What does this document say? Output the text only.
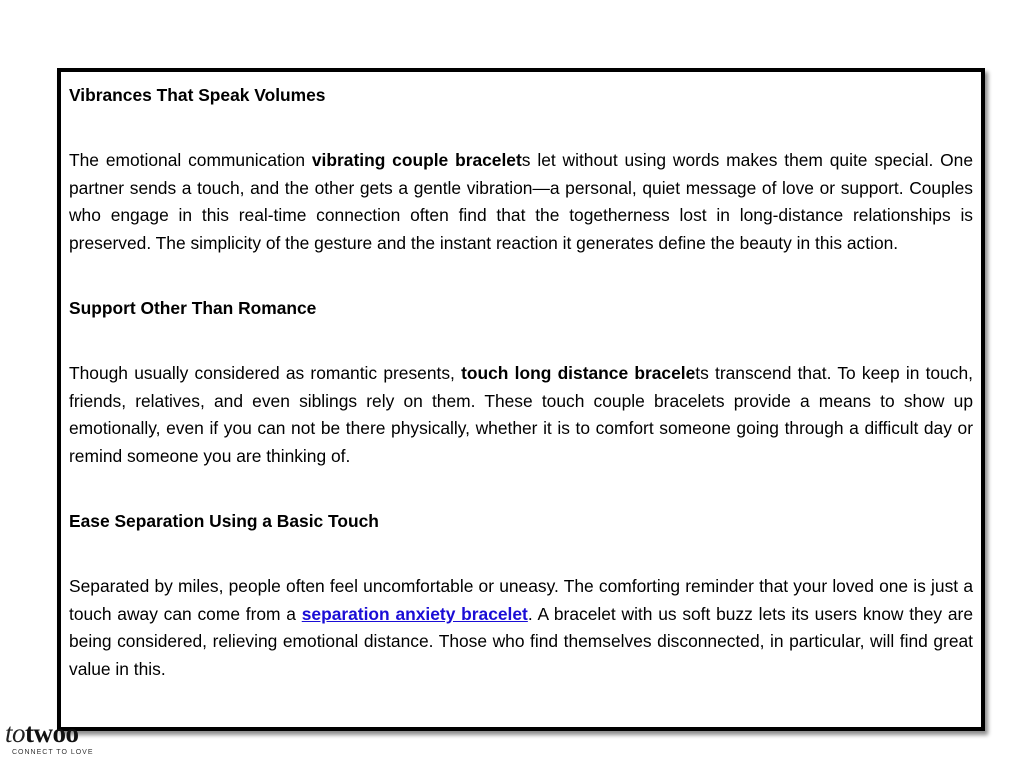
Vibrances That Speak Volumes

The emotional communication vibrating couple bracelets let without using words makes them quite special. One partner sends a touch, and the other gets a gentle vibration—a personal, quiet message of love or support. Couples who engage in this real-time connection often find that the togetherness lost in long-distance relationships is preserved. The simplicity of the gesture and the instant reaction it generates define the beauty in this action.

Support Other Than Romance

Though usually considered as romantic presents, touch long distance bracelets transcend that. To keep in touch, friends, relatives, and even siblings rely on them. These touch couple bracelets provide a means to show up emotionally, even if you can not be there physically, whether it is to comfort someone going through a difficult day or remind someone you are thinking of.

Ease Separation Using a Basic Touch

Separated by miles, people often feel uncomfortable or uneasy. The comforting reminder that your loved one is just a touch away can come from a separation anxiety bracelet. A bracelet with us soft buzz lets its users know they are being considered, relieving emotional distance. Those who find themselves disconnected, in particular, will find great value in this.

totwoo
CONNECT TO LOVE
